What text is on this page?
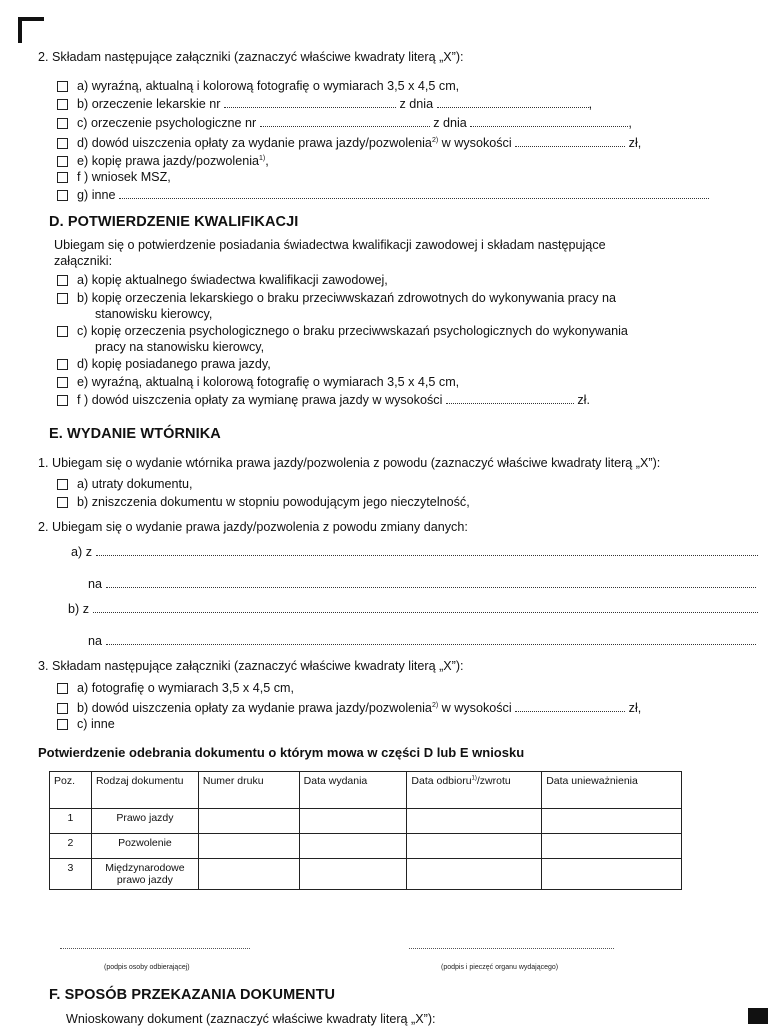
2. Składam następujące załączniki (zaznaczyć właściwe kwadraty literą „X”):
a) wyraźną, aktualną i kolorową fotografię o wymiarach 3,5 x 4,5 cm,
b) orzeczenie lekarskie nr	z dnia	,
c) orzeczenie psychologiczne nr	z dnia	,
d) dowód uiszczenia opłaty za wydanie prawa jazdy/pozwolenia$^{2)}$ w wysokości	zł,
e) kopię prawa jazdy/pozwolenia$^{1)}$,
f ) wniosek MSZ,
g) inne
D. POTWIERDZENIE KWALIFIKACJI
Ubiegam się o potwierdzenie posiadania świadectwa kwalifikacji zawodowej i składam następujące
załączniki:
a) kopię aktualnego świadectwa kwalifikacji zawodowej,
b) kopię orzeczenia lekarskiego o braku przeciwwskazań zdrowotnych do wykonywania pracy na
stanowisku kierowcy,
c) kopię orzeczenia psychologicznego o braku przeciwwskazań psychologicznych do wykonywania
pracy na stanowisku kierowcy,
d) kopię posiadanego prawa jazdy,
e) wyraźną, aktualną i kolorową fotografię o wymiarach 3,5 x 4,5 cm,
f ) dowód uiszczenia opłaty za wymianę prawa jazdy w wysokości	zł.
E. WYDANIE WTÓRNIKA
1. Ubiegam się o wydanie wtórnika prawa jazdy/pozwolenia z powodu (zaznaczyć właściwe kwadraty literą „X”):
a) utraty dokumentu,
b) zniszczenia dokumentu w stopniu powodującym jego nieczytelność,
2. Ubiegam się o wydanie prawa jazdy/pozwolenia z powodu zmiany danych:
a) z
na
b) z
na
3. Składam następujące załączniki (zaznaczyć właściwe kwadraty literą „X”):
a) fotografię o wymiarach 3,5 x 4,5 cm,
b) dowód uiszczenia opłaty za wydanie prawa jazdy/pozwolenia$^{2)}$ w wysokości	zł,
c) inne
Potwierdzenie odebrania dokumentu o którym mowa w części D lub E wniosku
Poz.	Rodzaj dokumentu	Numer druku	Data wydania	Data odbioru$^{1)}$/zwrotu	Data unieważnienia
1	Prawo jazdy				
2	Pozwolenie				
3	Międzynarodowe
prawo jazdy				
(podpis osoby odbierającej)	(podpis i pieczęć organu wydającego)
F. SPOSÓB PRZEKAZANIA DOKUMENTU
Wnioskowany dokument (zaznaczyć właściwe kwadraty literą „X”):
